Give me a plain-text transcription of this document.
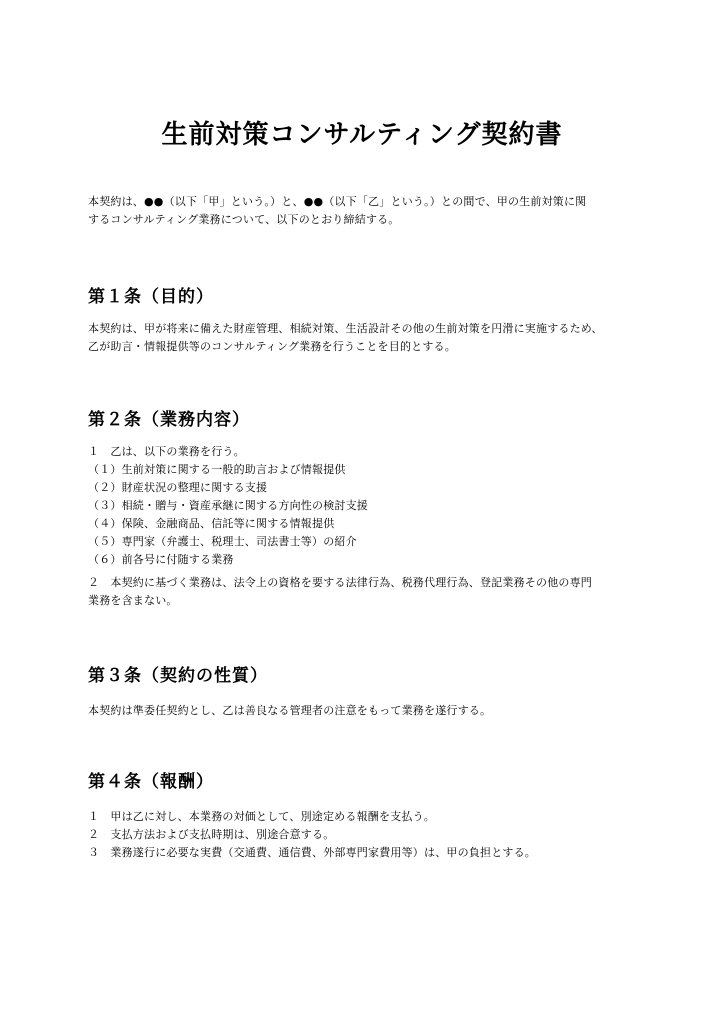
生前対策コンサルティング契約書
本契約は、●●（以下「甲」という。）と、●●（以下「乙」という。）との間で、甲の生前対策に関
するコンサルティング業務について、以下のとおり締結する。
第１条（目的）
本契約は、甲が将来に備えた財産管理、相続対策、生活設計その他の生前対策を円滑に実施するため、
乙が助言・情報提供等のコンサルティング業務を行うことを目的とする。
第２条（業務内容）
１　乙は、以下の業務を行う。
（１）生前対策に関する一般的助言および情報提供
（２）財産状況の整理に関する支援
（３）相続・贈与・資産承継に関する方向性の検討支援
（４）保険、金融商品、信託等に関する情報提供
（５）専門家（弁護士、税理士、司法書士等）の紹介
（６）前各号に付随する業務
２　本契約に基づく業務は、法令上の資格を要する法律行為、税務代理行為、登記業務その他の専門
業務を含まない。
第３条（契約の性質）
本契約は準委任契約とし、乙は善良なる管理者の注意をもって業務を遂行する。
第４条（報酬）
１　甲は乙に対し、本業務の対価として、別途定める報酬を支払う。
２　支払方法および支払時期は、別途合意する。
３　業務遂行に必要な実費（交通費、通信費、外部専門家費用等）は、甲の負担とする。
